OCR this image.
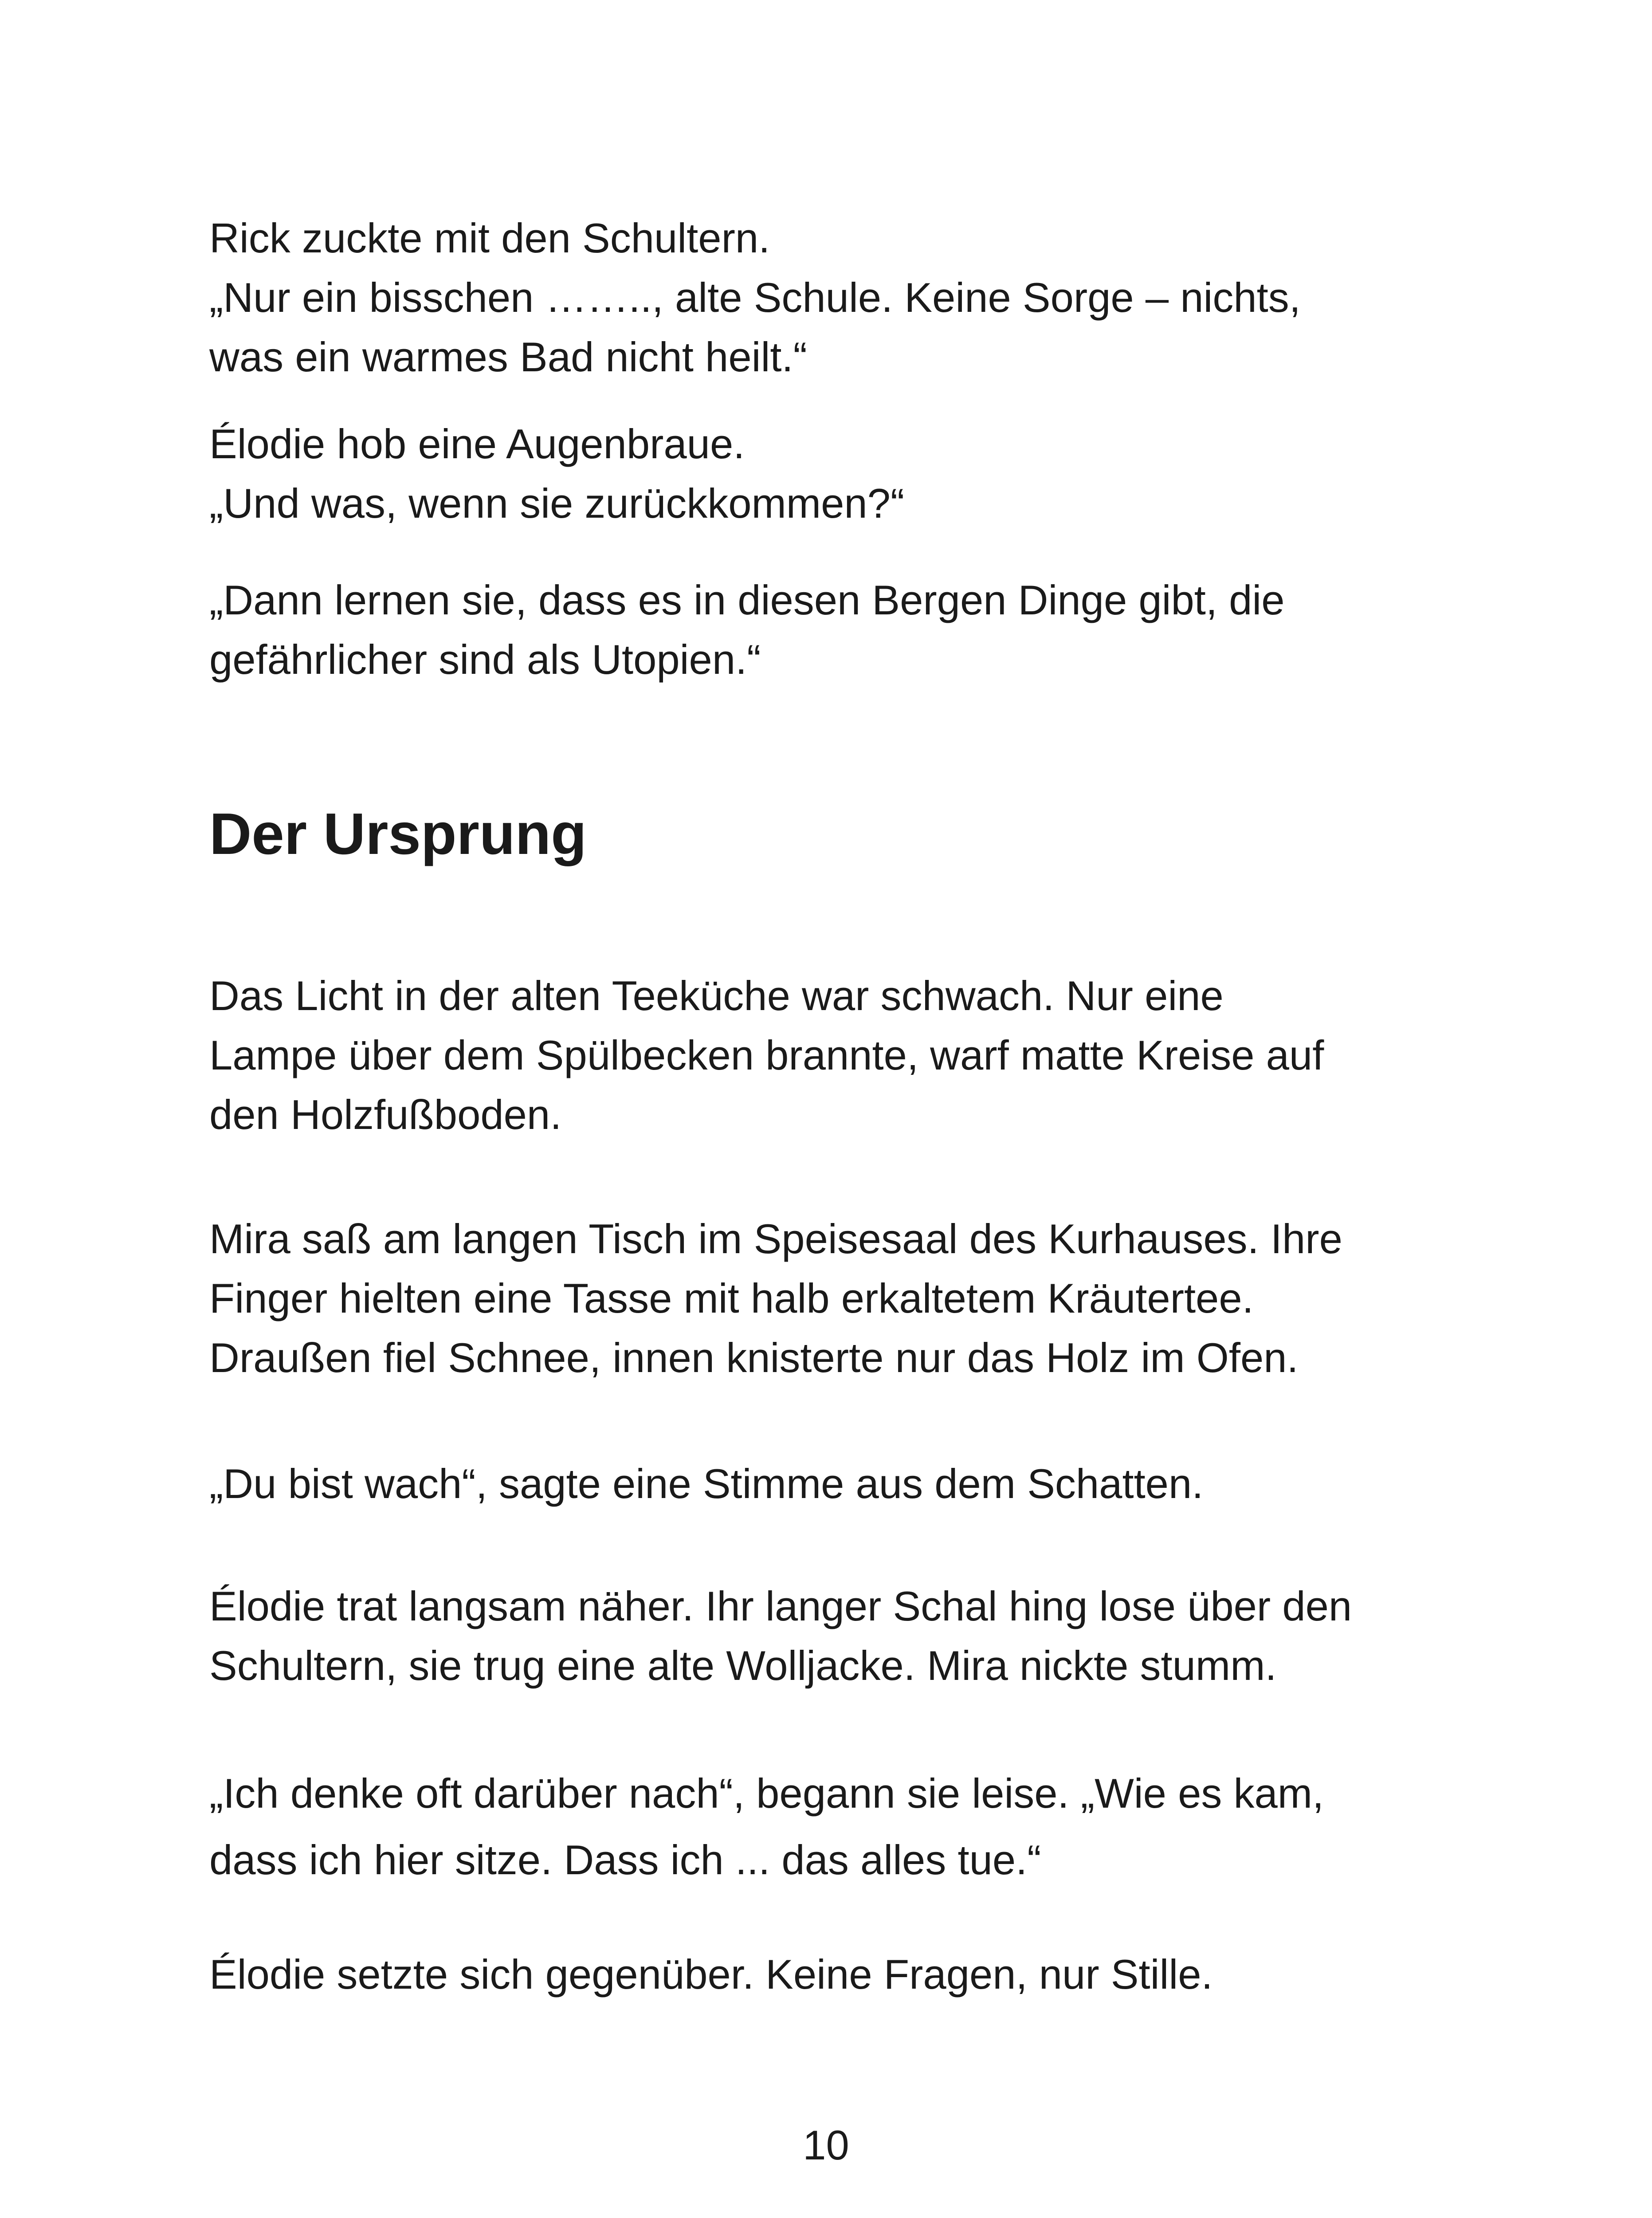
Rick zuckte mit den Schultern.
„Nur ein bisschen …….., alte Schule. Keine Sorge – nichts,
was ein warmes Bad nicht heilt.“

Élodie hob eine Augenbraue.
„Und was, wenn sie zurückkommen?“

„Dann lernen sie, dass es in diesen Bergen Dinge gibt, die
gefährlicher sind als Utopien.“

Der Ursprung

Das Licht in der alten Teeküche war schwach. Nur eine
Lampe über dem Spülbecken brannte, warf matte Kreise auf
den Holzfußboden.

Mira saß am langen Tisch im Speisesaal des Kurhauses. Ihre
Finger hielten eine Tasse mit halb erkaltetem Kräutertee.
Draußen fiel Schnee, innen knisterte nur das Holz im Ofen.

„Du bist wach“, sagte eine Stimme aus dem Schatten.

Élodie trat langsam näher. Ihr langer Schal hing lose über den
Schultern, sie trug eine alte Wolljacke. Mira nickte stumm.

„Ich denke oft darüber nach“, begann sie leise. „Wie es kam,
dass ich hier sitze. Dass ich ... das alles tue.“

Élodie setzte sich gegenüber. Keine Fragen, nur Stille.

10
